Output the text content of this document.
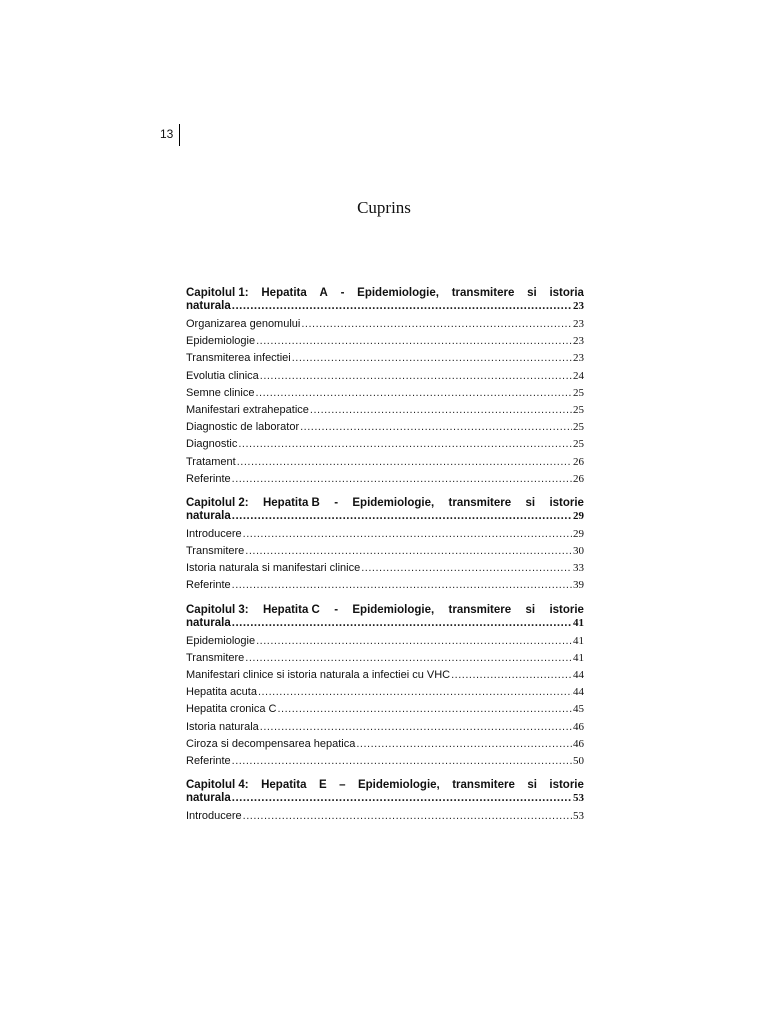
13
Cuprins
Capitolul 1: Hepatita A - Epidemiologie, transmitere si istoria
naturala .....	23
Organizarea genomului .....	23
Epidemiologie .....	23
Transmiterea infectiei .....	23
Evolutia clinica .....	24
Semne clinice .....	25
Manifestari extrahepatice .....	25
Diagnostic de laborator .....	25
Diagnostic .....	25
Tratament .....	26
Referinte .....	26
Capitolul 2: Hepatita B - Epidemiologie, transmitere si istorie
naturala .....	29
Introducere .....	29
Transmitere .....	30
Istoria naturala si manifestari clinice .....	33
Referinte .....	39
Capitolul 3: Hepatita C - Epidemiologie, transmitere si istorie
naturala .....	41
Epidemiologie .....	41
Transmitere .....	41
Manifestari clinice si istoria naturala a infectiei cu VHC .....	44
Hepatita acuta .....	44
Hepatita cronica C .....	45
Istoria naturala .....	46
Ciroza si decompensarea hepatica .....	46
Referinte .....	50
Capitolul 4: Hepatita E – Epidemiologie, transmitere si istorie
naturala .....	53
Introducere .....	53
